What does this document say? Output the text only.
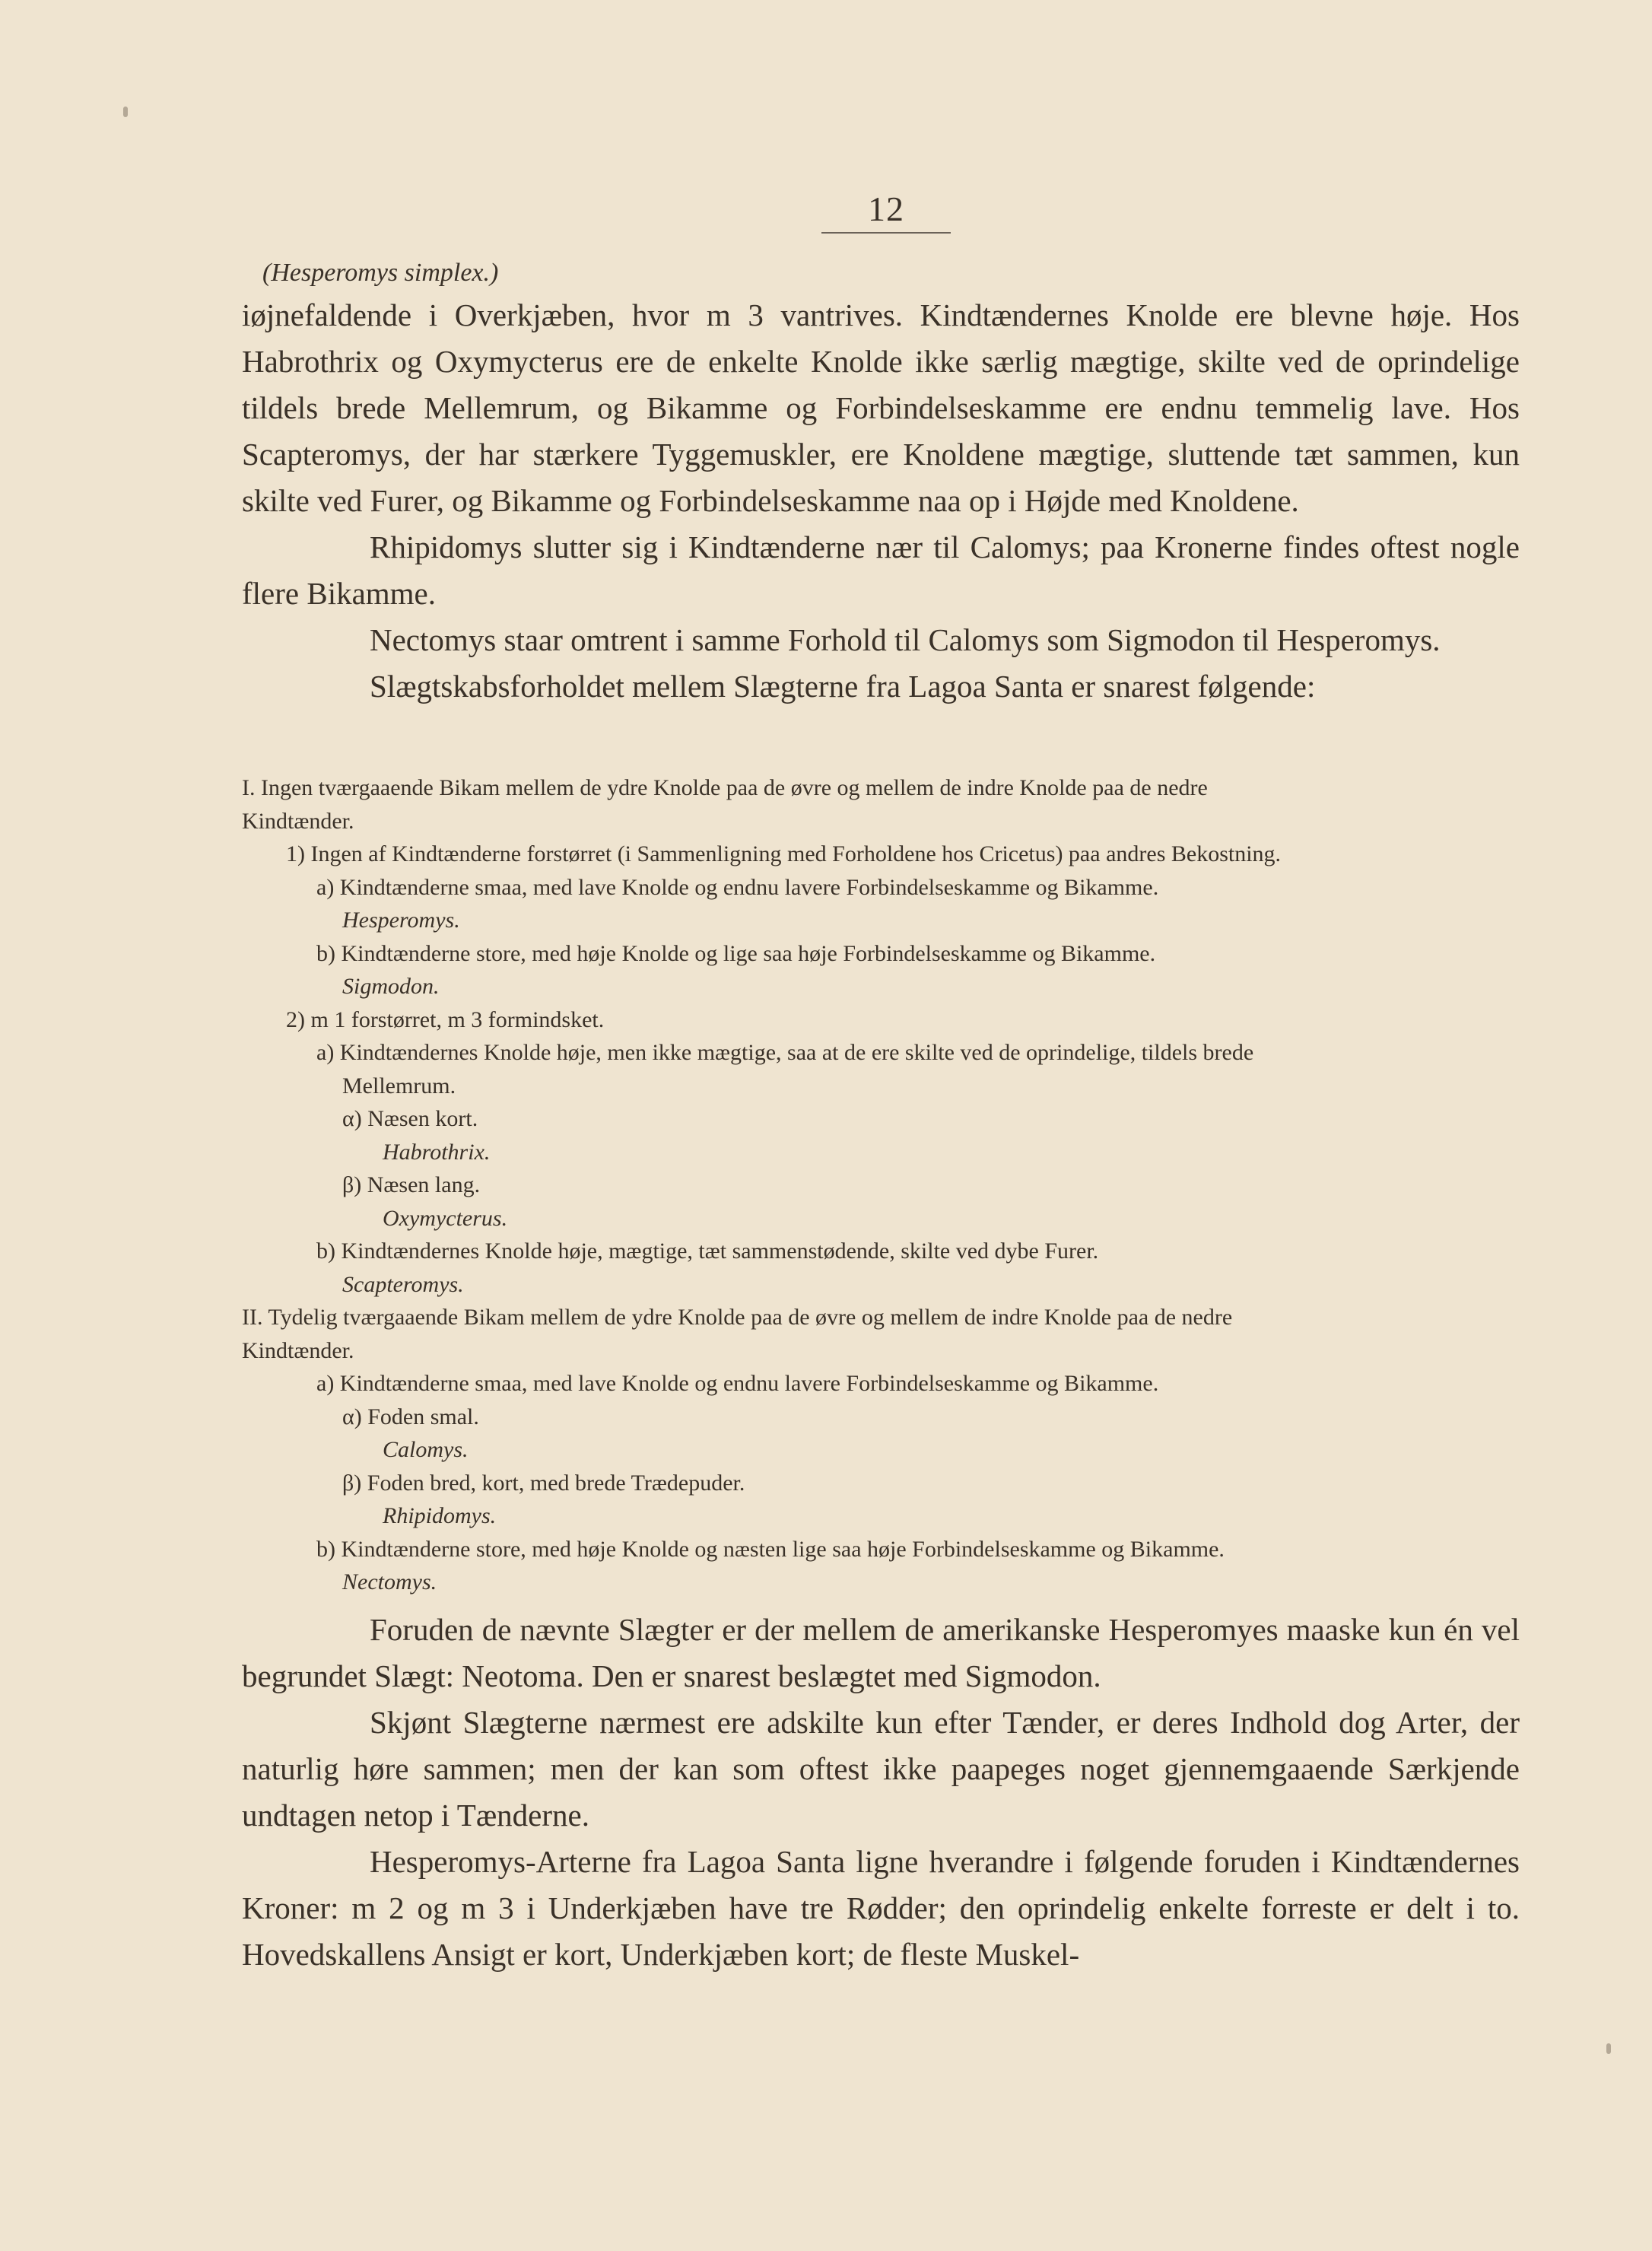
12
(Hesperomys simplex.)

iøjnefaldende i Overkjæben, hvor m 3 vantrives. Kindtændernes Knolde ere blevne høje. Hos Habrothrix og Oxymycterus ere de enkelte Knolde ikke særlig mægtige, skilte ved de oprindelige tildels brede Mellemrum, og Bikamme og Forbindelseskamme ere endnu temmelig lave. Hos Scapteromys, der har stærkere Tyggemuskler, ere Knoldene mægtige, sluttende tæt sammen, kun skilte ved Furer, og Bikamme og Forbindelseskamme naa op i Højde med Knoldene.

Rhipidomys slutter sig i Kindtænderne nær til Calomys; paa Kronerne findes oftest nogle flere Bikamme.

Nectomys staar omtrent i samme Forhold til Calomys som Sigmodon til Hesperomys.

Slægtskabsforholdet mellem Slægterne fra Lagoa Santa er snarest følgende:

I. Ingen tværgaaende Bikam mellem de ydre Knolde paa de øvre og mellem de indre Knolde paa de nedre
Kindtænder.
1) Ingen af Kindtænderne forstørret (i Sammenligning med Forholdene hos Cricetus) paa andres Bekostning.
a) Kindtænderne smaa, med lave Knolde og endnu lavere Forbindelseskamme og Bikamme.
Hesperomys.
b) Kindtænderne store, med høje Knolde og lige saa høje Forbindelseskamme og Bikamme.
Sigmodon.
2) m 1 forstørret, m 3 formindsket.
a) Kindtændernes Knolde høje, men ikke mægtige, saa at de ere skilte ved de oprindelige, tildels brede
Mellemrum.
α) Næsen kort.
Habrothrix.
β) Næsen lang.
Oxymycterus.
b) Kindtændernes Knolde høje, mægtige, tæt sammenstødende, skilte ved dybe Furer.
Scapteromys.
II. Tydelig tværgaaende Bikam mellem de ydre Knolde paa de øvre og mellem de indre Knolde paa de nedre
Kindtænder.
a) Kindtænderne smaa, med lave Knolde og endnu lavere Forbindelseskamme og Bikamme.
α) Foden smal.
Calomys.
β) Foden bred, kort, med brede Trædepuder.
Rhipidomys.
b) Kindtænderne store, med høje Knolde og næsten lige saa høje Forbindelseskamme og Bikamme.
Nectomys.

Foruden de nævnte Slægter er der mellem de amerikanske Hesperomyes maaske kun én vel begrundet Slægt: Neotoma. Den er snarest beslægtet med Sigmodon.

Skjønt Slægterne nærmest ere adskilte kun efter Tænder, er deres Indhold dog Arter, der naturlig høre sammen; men der kan som oftest ikke paapeges noget gjennemgaaende Særkjende undtagen netop i Tænderne.

Hesperomys-Arterne fra Lagoa Santa ligne hverandre i følgende foruden i Kindtændernes Kroner: m 2 og m 3 i Underkjæben have tre Rødder; den oprindelig enkelte forreste er delt i to. Hovedskallens Ansigt er kort, Underkjæben kort; de fleste Muskel-
